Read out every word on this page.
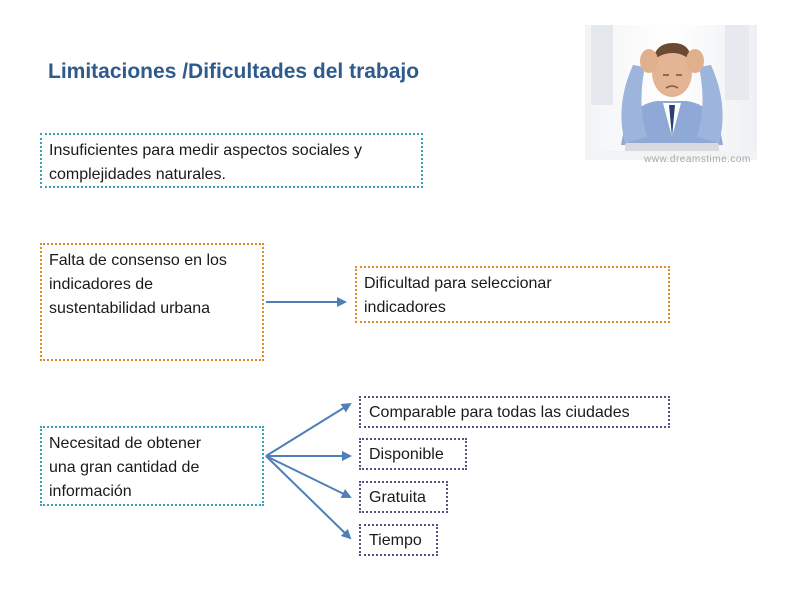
Limitaciones /Dificultades del trabajo
www.dreamstime.com
Insuficientes para medir aspectos sociales y
complejidades naturales.
Falta de consenso en los
indicadores de
sustentabilidad urbana
Dificultad para seleccionar
indicadores
Necesitad de obtener
una gran cantidad de
información
Comparable para todas las ciudades
Disponible
Gratuita
Tiempo
